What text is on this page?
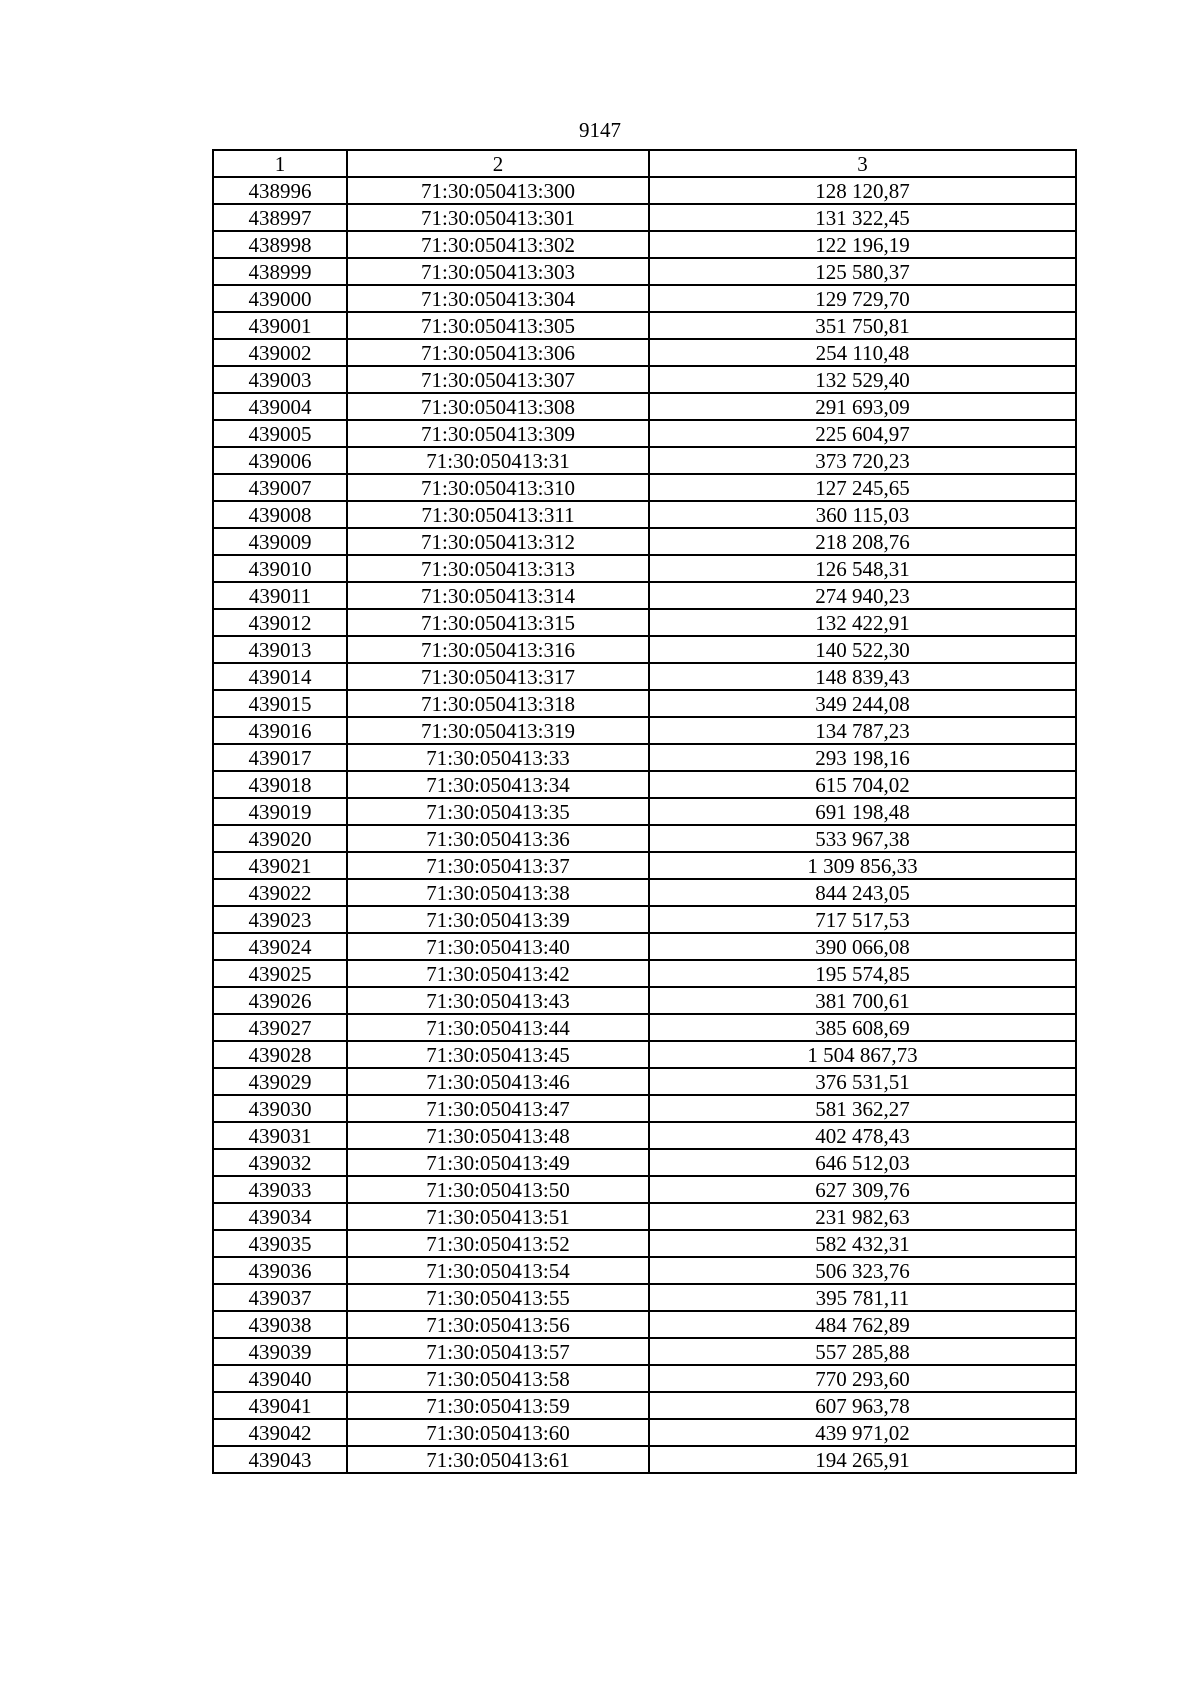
9147
1	2	3
438996	71:30:050413:300	128 120,87
438997	71:30:050413:301	131 322,45
438998	71:30:050413:302	122 196,19
438999	71:30:050413:303	125 580,37
439000	71:30:050413:304	129 729,70
439001	71:30:050413:305	351 750,81
439002	71:30:050413:306	254 110,48
439003	71:30:050413:307	132 529,40
439004	71:30:050413:308	291 693,09
439005	71:30:050413:309	225 604,97
439006	71:30:050413:31	373 720,23
439007	71:30:050413:310	127 245,65
439008	71:30:050413:311	360 115,03
439009	71:30:050413:312	218 208,76
439010	71:30:050413:313	126 548,31
439011	71:30:050413:314	274 940,23
439012	71:30:050413:315	132 422,91
439013	71:30:050413:316	140 522,30
439014	71:30:050413:317	148 839,43
439015	71:30:050413:318	349 244,08
439016	71:30:050413:319	134 787,23
439017	71:30:050413:33	293 198,16
439018	71:30:050413:34	615 704,02
439019	71:30:050413:35	691 198,48
439020	71:30:050413:36	533 967,38
439021	71:30:050413:37	1 309 856,33
439022	71:30:050413:38	844 243,05
439023	71:30:050413:39	717 517,53
439024	71:30:050413:40	390 066,08
439025	71:30:050413:42	195 574,85
439026	71:30:050413:43	381 700,61
439027	71:30:050413:44	385 608,69
439028	71:30:050413:45	1 504 867,73
439029	71:30:050413:46	376 531,51
439030	71:30:050413:47	581 362,27
439031	71:30:050413:48	402 478,43
439032	71:30:050413:49	646 512,03
439033	71:30:050413:50	627 309,76
439034	71:30:050413:51	231 982,63
439035	71:30:050413:52	582 432,31
439036	71:30:050413:54	506 323,76
439037	71:30:050413:55	395 781,11
439038	71:30:050413:56	484 762,89
439039	71:30:050413:57	557 285,88
439040	71:30:050413:58	770 293,60
439041	71:30:050413:59	607 963,78
439042	71:30:050413:60	439 971,02
439043	71:30:050413:61	194 265,91
